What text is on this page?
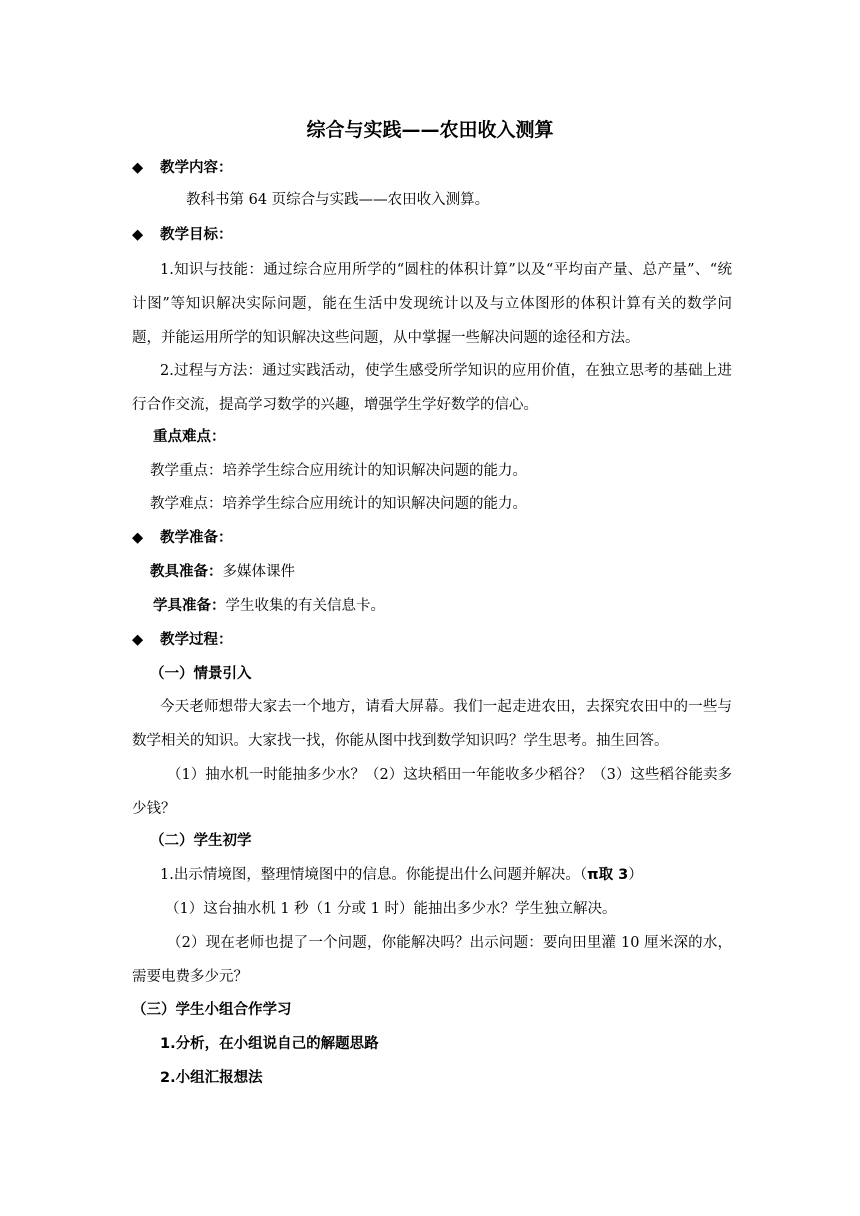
综合与实践——农田收入测算
◆ 教学内容：
教科书第 64 页综合与实践——农田收入测算。
◆ 教学目标：
1.知识与技能：通过综合应用所学的“圆柱的体积计算”以及“平均亩产量、总产量”、“统计图”等知识解决实际问题，能在生活中发现统计以及与立体图形的体积计算有关的数学问题，并能运用所学的知识解决这些问题，从中掌握一些解决问题的途径和方法。
2.过程与方法：通过实践活动，使学生感受所学知识的应用价值，在独立思考的基础上进行合作交流，提高学习数学的兴趣，增强学生学好数学的信心。
重点难点：
教学重点：培养学生综合应用统计的知识解决问题的能力。
教学难点：培养学生综合应用统计的知识解决问题的能力。
◆ 教学准备：
教具准备：多媒体课件
学具准备：学生收集的有关信息卡。
◆ 教学过程：
（一）情景引入
今天老师想带大家去一个地方，请看大屏幕。我们一起走进农田，去探究农田中的一些与数学相关的知识。大家找一找，你能从图中找到数学知识吗？学生思考。抽生回答。
（1）抽水机一时能抽多少水？（2）这块稻田一年能收多少稻谷？（3）这些稻谷能卖多少钱？
（二）学生初学
1.出示情境图，整理情境图中的信息。你能提出什么问题并解决。（π取 3）
（1）这台抽水机 1 秒（1 分或 1 时）能抽出多少水？学生独立解决。
（2）现在老师也提了一个问题，你能解决吗？出示问题：要向田里灌 10 厘米深的水，需要电费多少元？
（三）学生小组合作学习
1.分析，在小组说自己的解题思路
2.小组汇报想法
